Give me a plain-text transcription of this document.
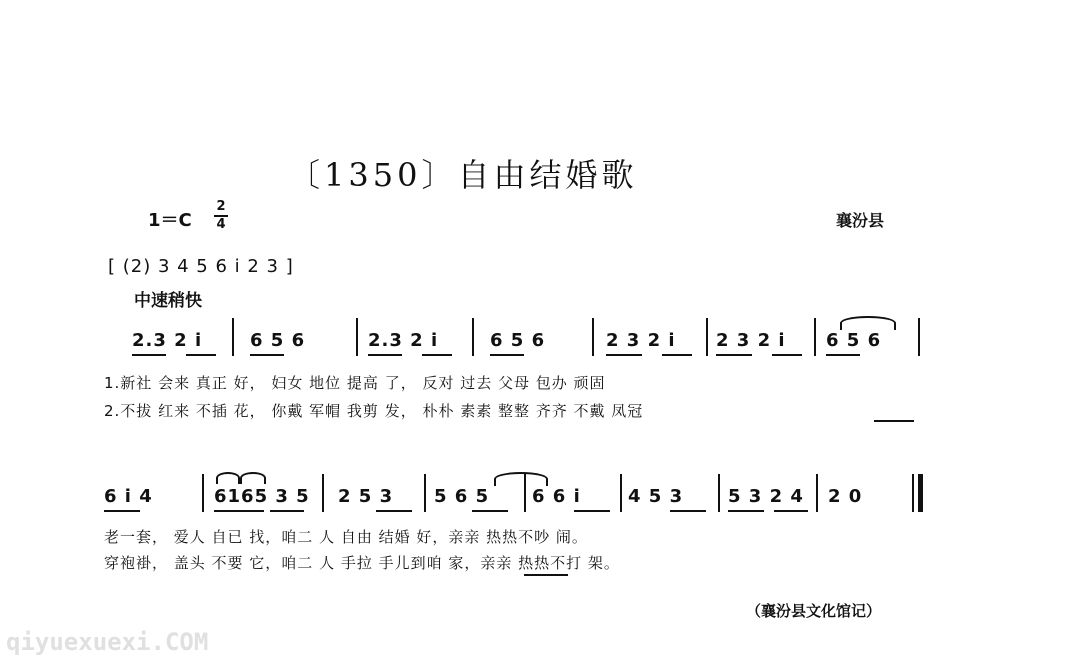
〔1350〕自由结婚歌
1＝C
2
4	襄汾县
[ (2) 3 4 5 6 i 2 3 ]
中速稍快
2.3 2 i	6 5 6	2.3 2 i	6 5 6	2 3 2 i 2 3 2 i 6 5 6
1.新社 会来 真正 好， 妇女 地位 提高 了， 反对 过去 父母 包办 顽固
2.不拔 红来 不插 花， 你戴 军帽 我剪 发， 朴朴 素素 整整 齐齐 不戴 凤冠
6 i 4	6165 3 5 2 5 3 5 6 5 6 6 i	4 5 3 5 3 2 4 2 0
老一套， 爱人 自已 找，咱二 人 自由 结婚 好，亲亲 热热不吵 闹。
穿袍褂， 盖头 不要 它，咱二 人 手拉 手儿到咱 家，亲亲 热热不打 架。
（襄汾县文化馆记）
qiyuexuexi.COM
